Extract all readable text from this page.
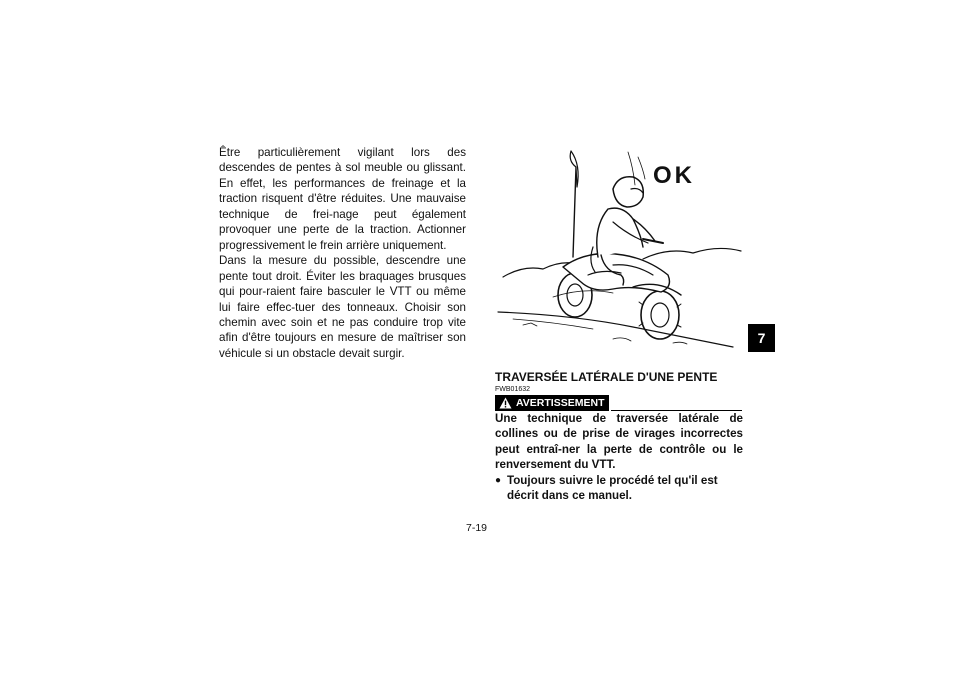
Être particulièrement vigilant lors des descendes de pentes à sol meuble ou glissant. En effet, les performances de freinage et la traction risquent d'être réduites. Une mauvaise technique de frei-nage peut également provoquer une perte de la traction. Actionner progressivement le frein arrière uniquement.

Dans la mesure du possible, descendre une pente tout droit. Éviter les braquages brusques qui pour-raient faire basculer le VTT ou même lui faire effec-tuer des tonneaux. Choisir son chemin avec soin et ne pas conduire trop vite afin d'être toujours en mesure de maîtriser son véhicule si un obstacle devait surgir.

OK
7
TRAVERSÉE LATÉRALE D'UNE PENTE
FWB01632
AVERTISSEMENT

Une technique de traversée latérale de collines ou de prise de virages incorrectes peut entraî-ner la perte de contrôle ou le renversement du VTT.

● Toujours suivre le procédé tel qu'il est décrit dans ce manuel.
7-19
